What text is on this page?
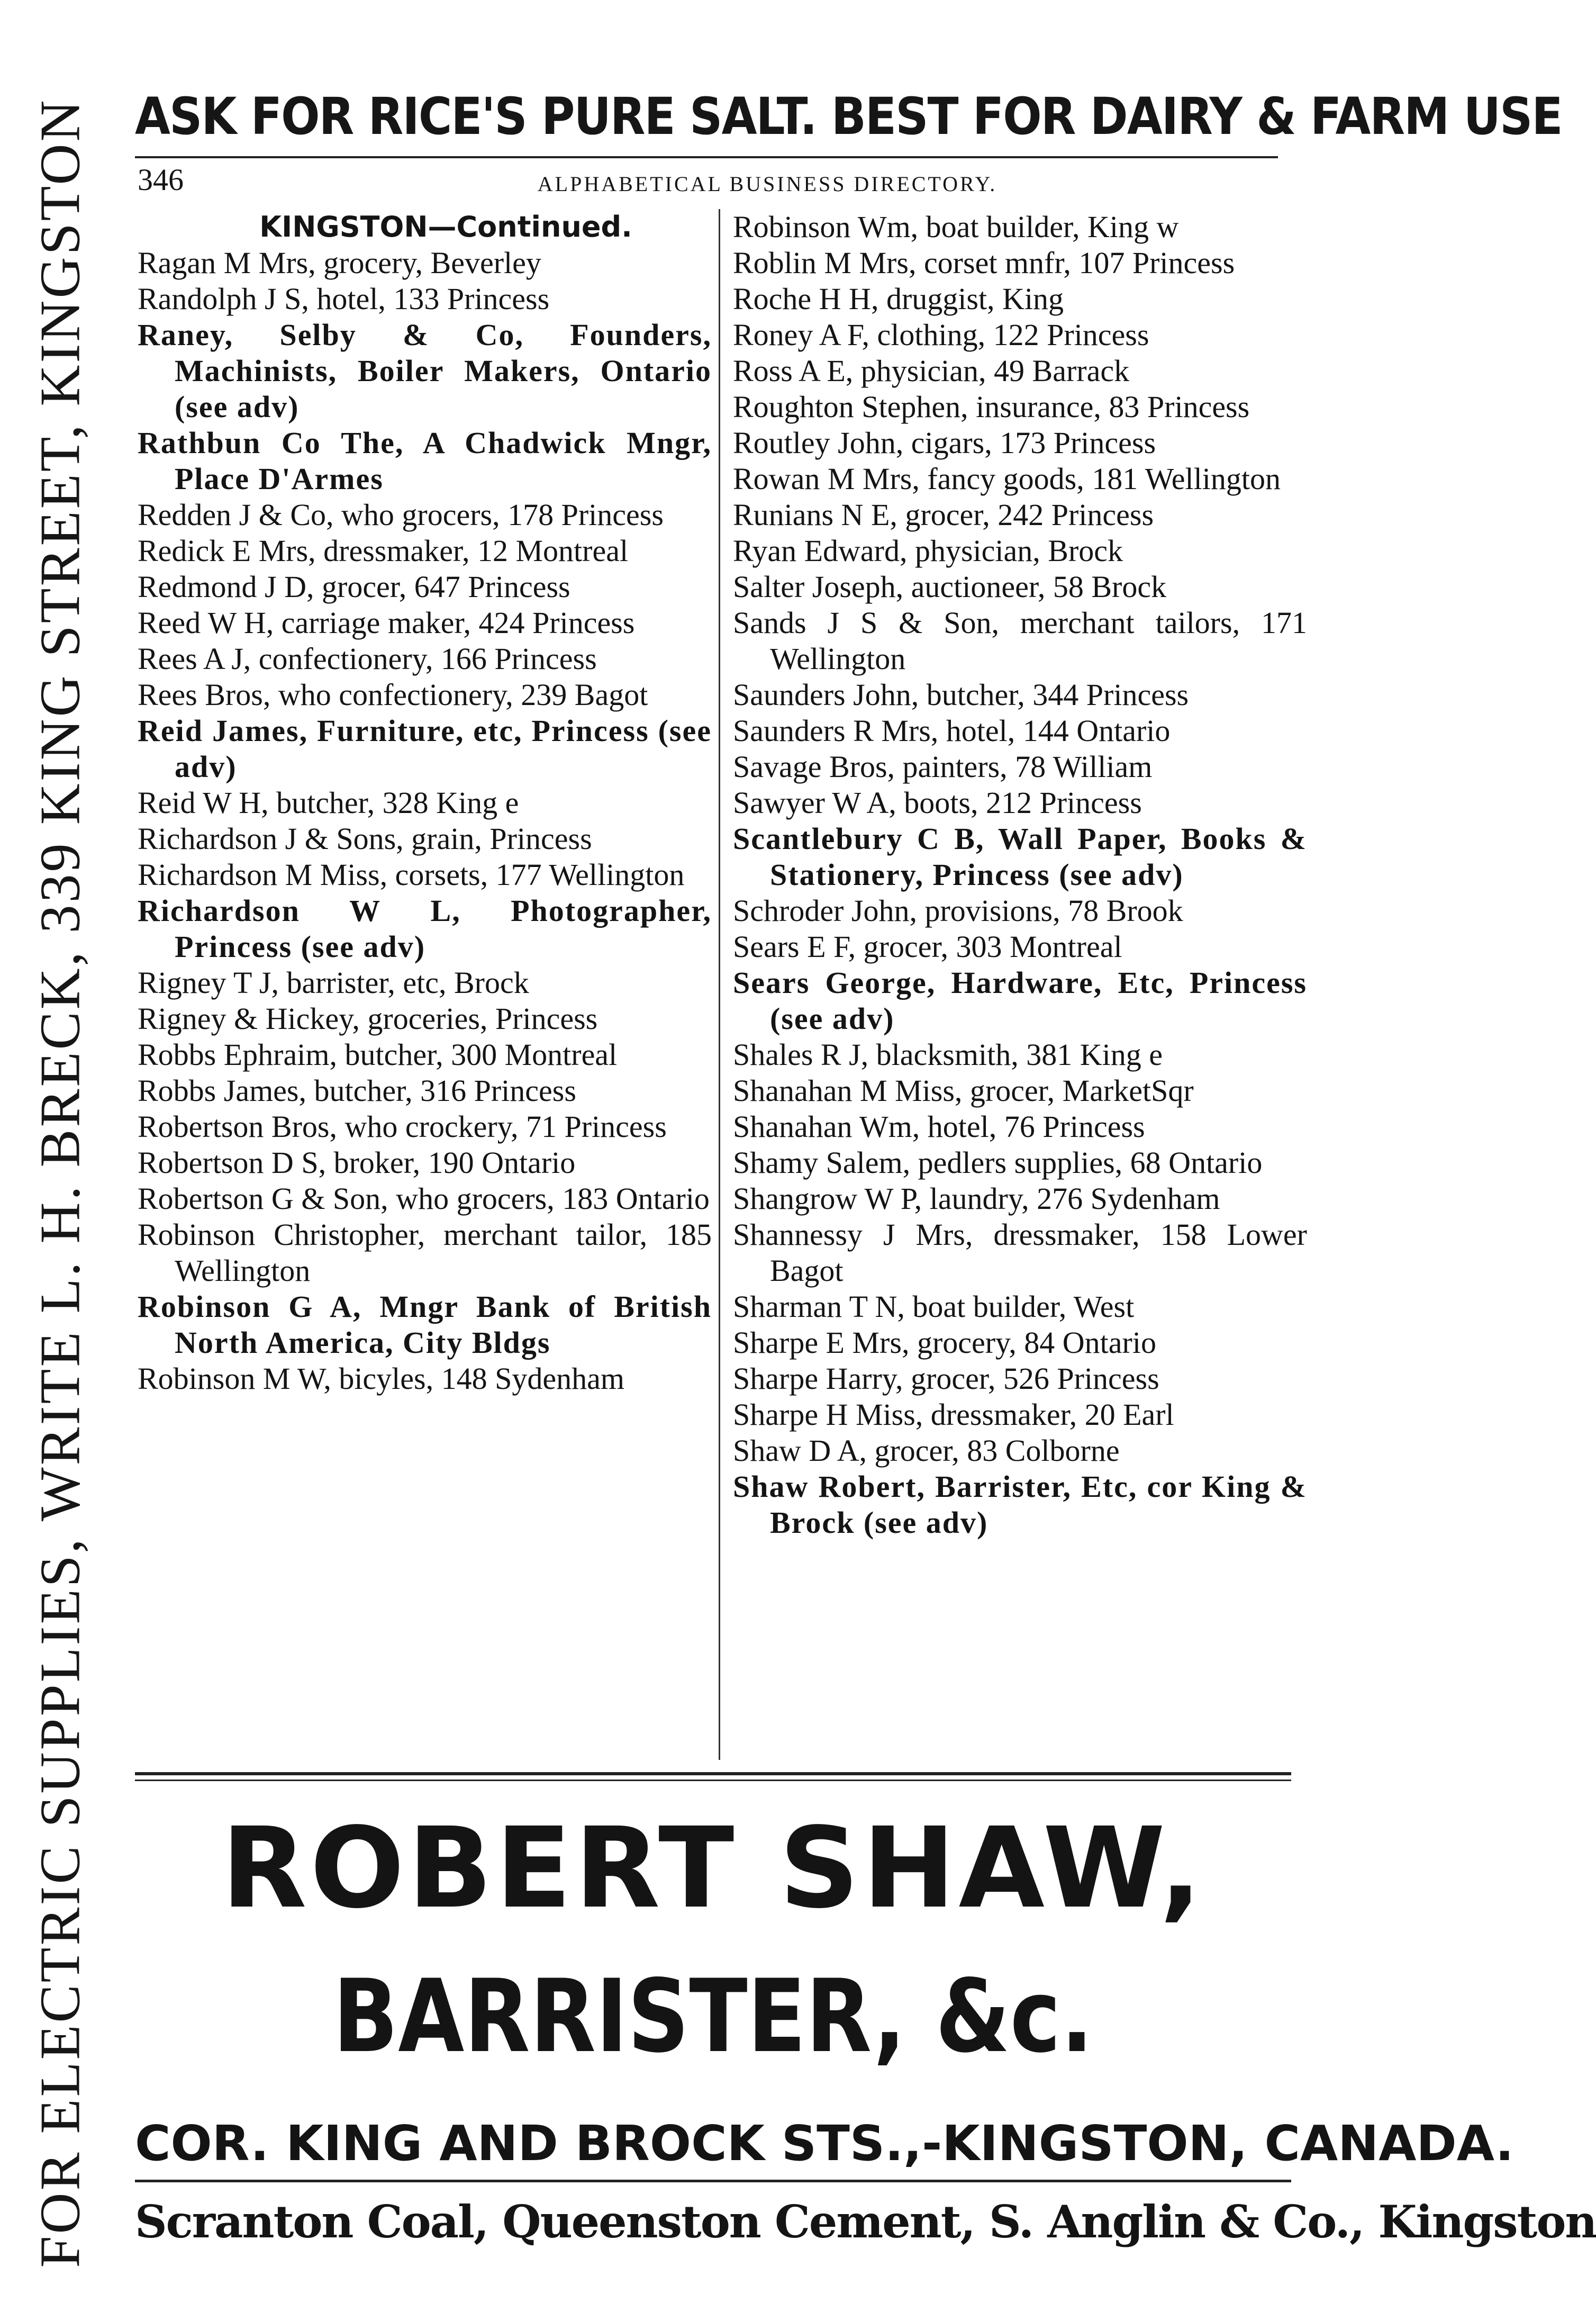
FOR ELECTRIC SUPPLIES, WRITE L. H. BRECK, 339 KING STREET, KINGSTON ASK FOR RICE'S PURE SALT. BEST FOR DAIRY & FARM USE
346	ALPHABETICAL BUSINESS DIRECTORY.
KINGSTON—Continued.
Ragan M Mrs, grocery, Beverley
Randolph J S, hotel, 133 Princess
Raney, Selby & Co, Founders, Machinists, Boiler Makers, Ontario (see adv)
Rathbun Co The, A Chadwick Mngr, Place D'Armes
Redden J & Co, who grocers, 178 Princess
Redick E Mrs, dressmaker, 12 Montreal
Redmond J D, grocer, 647 Princess
Reed W H, carriage maker, 424 Princess
Rees A J, confectionery, 166 Princess
Rees Bros, who confectionery, 239 Bagot
Reid James, Furniture, etc, Princess (see adv)
Reid W H, butcher, 328 King e
Richardson J & Sons, grain, Princess
Richardson M Miss, corsets, 177 Wellington
Richardson W L, Photographer, Princess (see adv)
Rigney T J, barrister, etc, Brock
Rigney & Hickey, groceries, Princess
Robbs Ephraim, butcher, 300 Montreal
Robbs James, butcher, 316 Princess
Robertson Bros, who crockery, 71 Princess
Robertson D S, broker, 190 Ontario
Robertson G & Son, who grocers, 183 Ontario
Robinson Christopher, merchant tailor, 185 Wellington
Robinson G A, Mngr Bank of British North America, City Bldgs
Robinson M W, bicyles, 148 Sydenham
Robinson Wm, boat builder, King w
Roblin M Mrs, corset mnfr, 107 Princess
Roche H H, druggist, King
Roney A F, clothing, 122 Princess
Ross A E, physician, 49 Barrack
Roughton Stephen, insurance, 83 Princess
Routley John, cigars, 173 Princess
Rowan M Mrs, fancy goods, 181 Wellington
Runians N E, grocer, 242 Princess
Ryan Edward, physician, Brock
Salter Joseph, auctioneer, 58 Brock
Sands J S & Son, merchant tailors, 171 Wellington
Saunders John, butcher, 344 Princess
Saunders R Mrs, hotel, 144 Ontario
Savage Bros, painters, 78 William
Sawyer W A, boots, 212 Princess
Scantlebury C B, Wall Paper, Books & Stationery, Princess (see adv)
Schroder John, provisions, 78 Brook
Sears E F, grocer, 303 Montreal
Sears George, Hardware, Etc, Princess (see adv)
Shales R J, blacksmith, 381 King e
Shanahan M Miss, grocer, MarketSqr
Shanahan Wm, hotel, 76 Princess
Shamy Salem, pedlers supplies, 68 Ontario
Shangrow W P, laundry, 276 Sydenham
Shannessy J Mrs, dressmaker, 158 Lower Bagot
Sharman T N, boat builder, West
Sharpe E Mrs, grocery, 84 Ontario
Sharpe Harry, grocer, 526 Princess
Sharpe H Miss, dressmaker, 20 Earl
Shaw D A, grocer, 83 Colborne
Shaw Robert, Barrister, Etc, cor King & Brock (see adv)
ROBERT SHAW,
BARRISTER, &c.
COR. KING AND BROCK STS., - KINGSTON, CANADA.
Scranton Coal, Queenston Cement, S. Anglin & Co., Kingston
